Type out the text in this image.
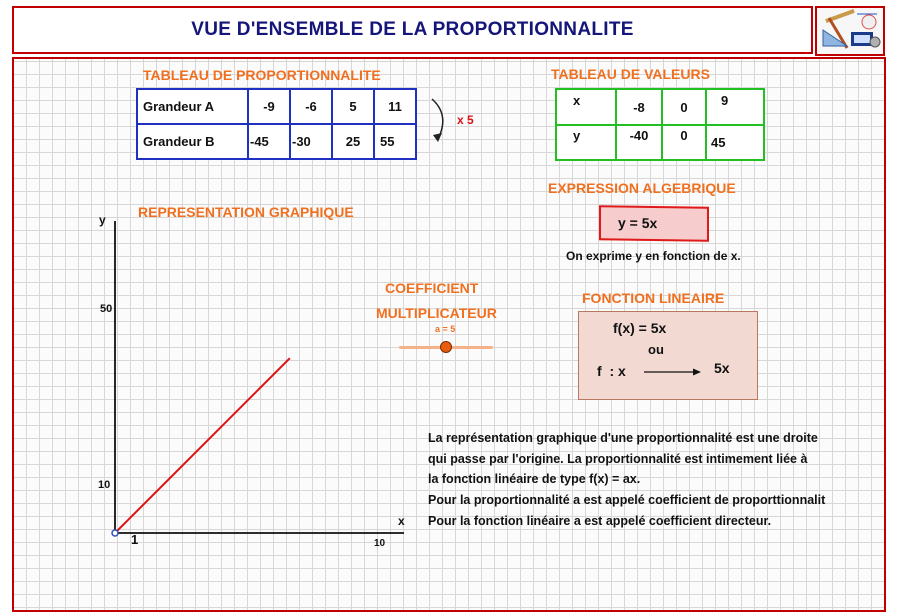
VUE D'ENSEMBLE DE LA PROPORTIONNALITE
TABLEAU DE PROPORTIONNALITE
Grandeur A	-9	-6	5	11
Grandeur B	-45	-30	25	55
x 5
TABLEAU DE VALEURS
x	-8	0	9
y	-40	0	45
EXPRESSION ALGEBRIQUE
y = 5x
On exprime y en fonction de x.
REPRESENTATION GRAPHIQUE
y
x
50
10
1	10
COEFFICIENT
MULTIPLICATEUR
a = 5
FONCTION LINEAIRE
f(x) = 5x
ou
f  : x	5x
La représentation graphique d'une proportionnalité est une droite
qui passe par l'origine. La proportionnalité est intimement liée à
la fonction linéaire de type f(x) = ax.
Pour la proportionnalité a est appelé coefficient de proporttionnalit
Pour la fonction linéaire a est appelé coefficient directeur.
